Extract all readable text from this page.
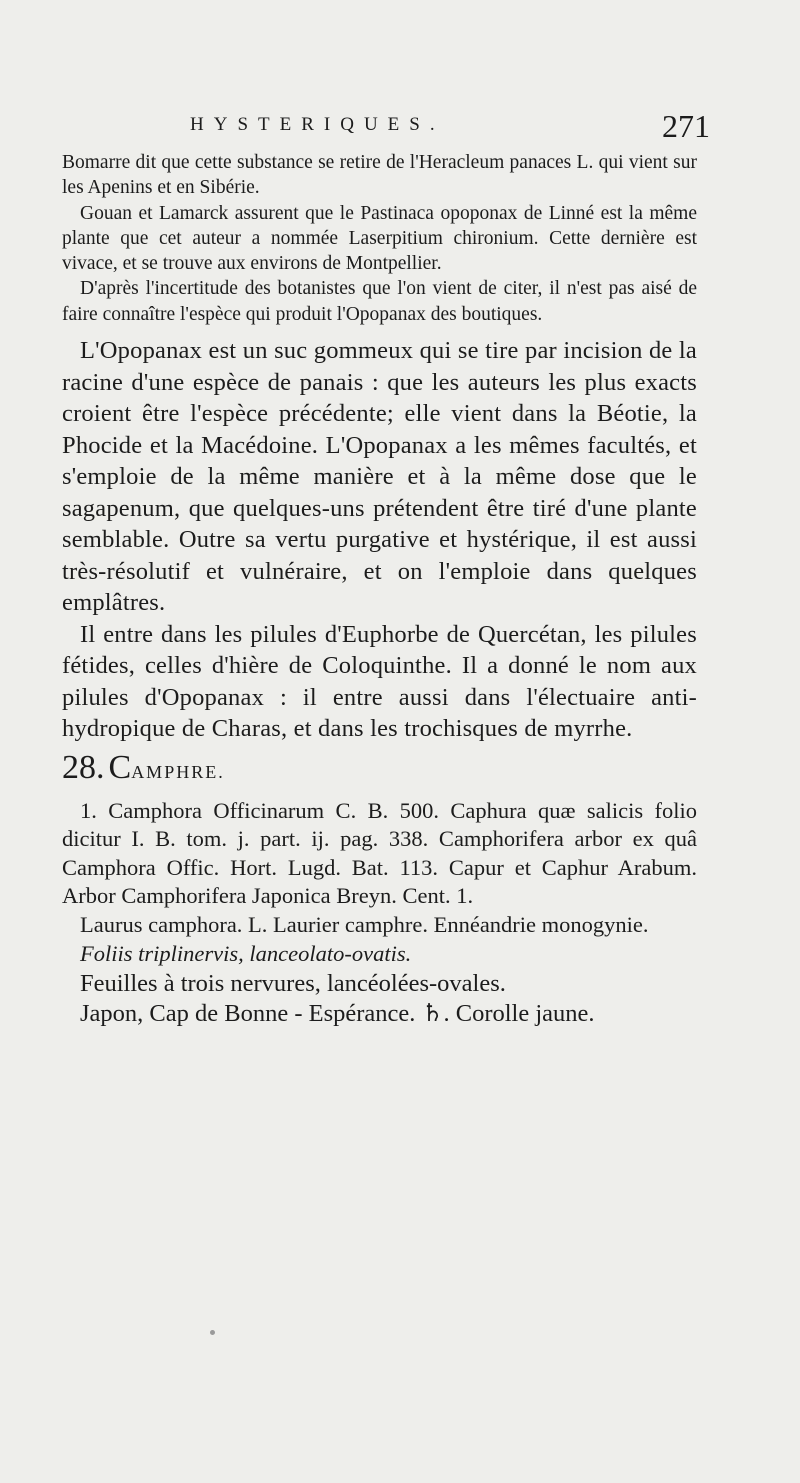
HYSTERIQUES.	271

Bomarre dit que cette substance se retire de l'Heracleum panaces L. qui vient sur les Apenins et en Sibérie.

Gouan et Lamarck assurent que le Pastinaca opoponax de Linné est la même plante que cet auteur a nommée Laserpitium chironium. Cette dernière est vivace, et se trouve aux environs de Montpellier.

D'après l'incertitude des botanistes que l'on vient de citer, il n'est pas aisé de faire connaître l'espèce qui produit l'Opopanax des boutiques.

L'Opopanax est un suc gommeux qui se tire par incision de la racine d'une espèce de panais : que les auteurs les plus exacts croient être l'espèce précédente; elle vient dans la Béotie, la Phocide et la Macédoine. L'Opopanax a les mêmes facultés, et s'emploie de la même manière et à la même dose que le sagapenum, que quelques-uns prétendent être tiré d'une plante semblable. Outre sa vertu purgative et hystérique, il est aussi très-résolutif et vulnéraire, et on l'emploie dans quelques emplâtres.

Il entre dans les pilules d'Euphorbe de Quercétan, les pilules fétides, celles d'hière de Coloquinthe. Il a donné le nom aux pilules d'Opopanax : il entre aussi dans l'électuaire anti-hydropique de Charas, et dans les trochisques de myrrhe.

28. CAMPHRE.

1. Camphora Officinarum C. B. 500. Caphura quæ salicis folio dicitur I. B. tom. j. part. ij. pag. 338. Camphorifera arbor ex quâ Camphora Offic. Hort. Lugd. Bat. 113. Capur et Caphur Arabum. Arbor Camphorifera Japonica Breyn. Cent. 1.

Laurus camphora. L. Laurier camphre. Ennéandrie monogynie.

Foliis triplinervis, lanceolato-ovatis.

Feuilles à trois nervures, lancéolées-ovales.

Japon, Cap de Bonne - Espérance. ♄. Corolle jaune.
